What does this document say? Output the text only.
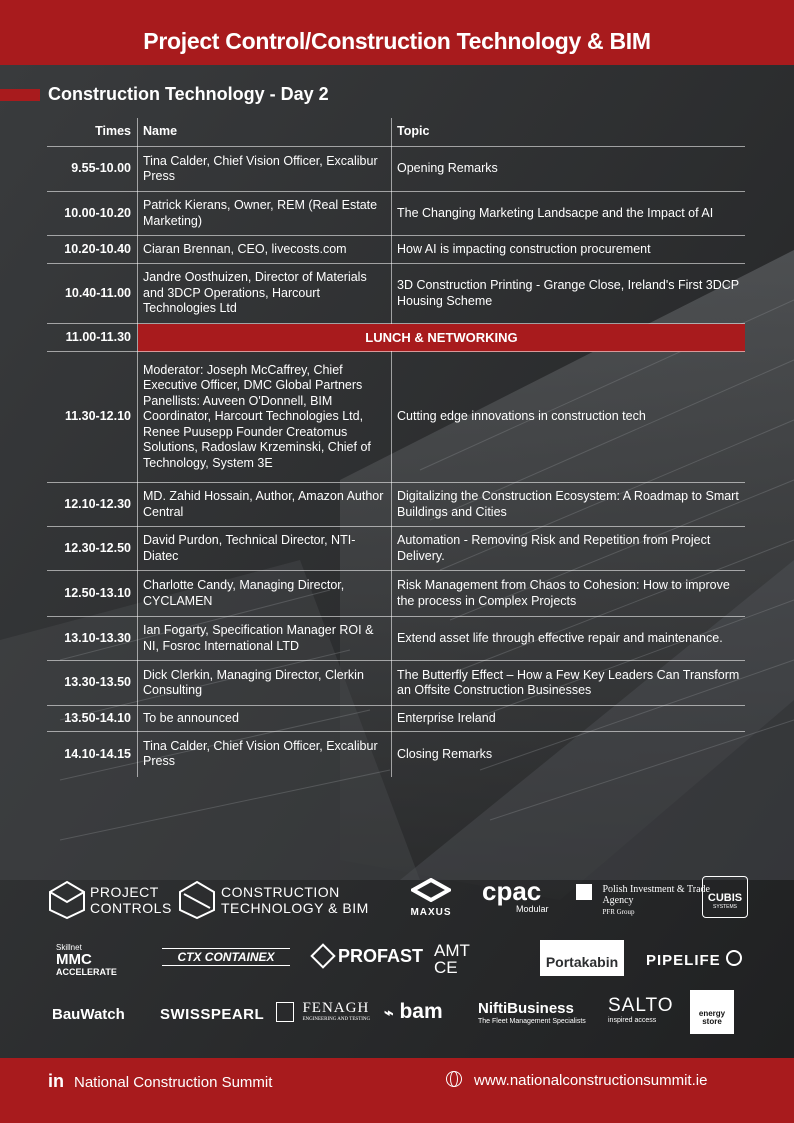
Project Control/Construction Technology & BIM
Construction Technology - Day 2
Times	Name	Topic
9.55-10.00	Tina Calder, Chief Vision Officer, Excalibur Press	Opening Remarks
10.00-10.20	Patrick Kierans, Owner, REM (Real Estate Marketing)	The Changing Marketing Landsacpe and the Impact of AI
10.20-10.40	Ciaran Brennan, CEO, livecosts.com	How AI is impacting construction procurement
10.40-11.00	Jandre Oosthuizen, Director of Materials and 3DCP Operations, Harcourt Technologies Ltd	3D Construction Printing - Grange Close, Ireland's First 3DCP Housing Scheme
11.00-11.30	LUNCH & NETWORKING	
11.30-12.10	Moderator: Joseph McCaffrey, Chief Executive Officer, DMC Global Partners Panellists: Auveen O'Donnell, BIM Coordinator, Harcourt Technologies Ltd, Renee Puusepp Founder Creatomus Solutions, Radoslaw Krzeminski, Chief of Technology, System 3E	Cutting edge innovations in construction tech
12.10-12.30	MD. Zahid Hossain, Author, Amazon Author Central	Digitalizing the Construction Ecosystem: A Roadmap to Smart Buildings and Cities
12.30-12.50	David Purdon, Technical Director, NTI-Diatec	Automation - Removing Risk and Repetition from Project Delivery.
12.50-13.10	Charlotte Candy, Managing Director, CYCLAMEN	Risk Management from Chaos to Cohesion: How to improve the process in Complex Projects
13.10-13.30	Ian Fogarty, Specification Manager ROI & NI, Fosroc International LTD	Extend asset life through effective repair and maintenance.
13.30-13.50	Dick Clerkin, Managing Director, Clerkin Consulting	The Butterfly Effect – How a Few Key Leaders Can Transform an Offsite Construction Businesses
13.50-14.10	To be announced	Enterprise Ireland
14.10-14.15	Tina Calder, Chief Vision Officer, Excalibur Press	Closing Remarks
PROJECT CONTROLS
CONSTRUCTION TECHNOLOGY & BIM	MAXUS
cpac
Modular
Polish Investment & Trade Agency
PFR Group
CUBIS
SYSTEMS
Skillnet
MMC
ACCELERATE
CTX CONTAINEX	PROFAST AMT CE	Portakabin	PIPELIFE
BauWatch SWISSPEARL
	FENAGH
ENGINEERING AND TESTING ⌁ bam NiftiBusiness
The Fleet Management Specialists
SALTO
inspired access
energy store
in National Construction Summit	www.nationalconstructionsummit.ie
